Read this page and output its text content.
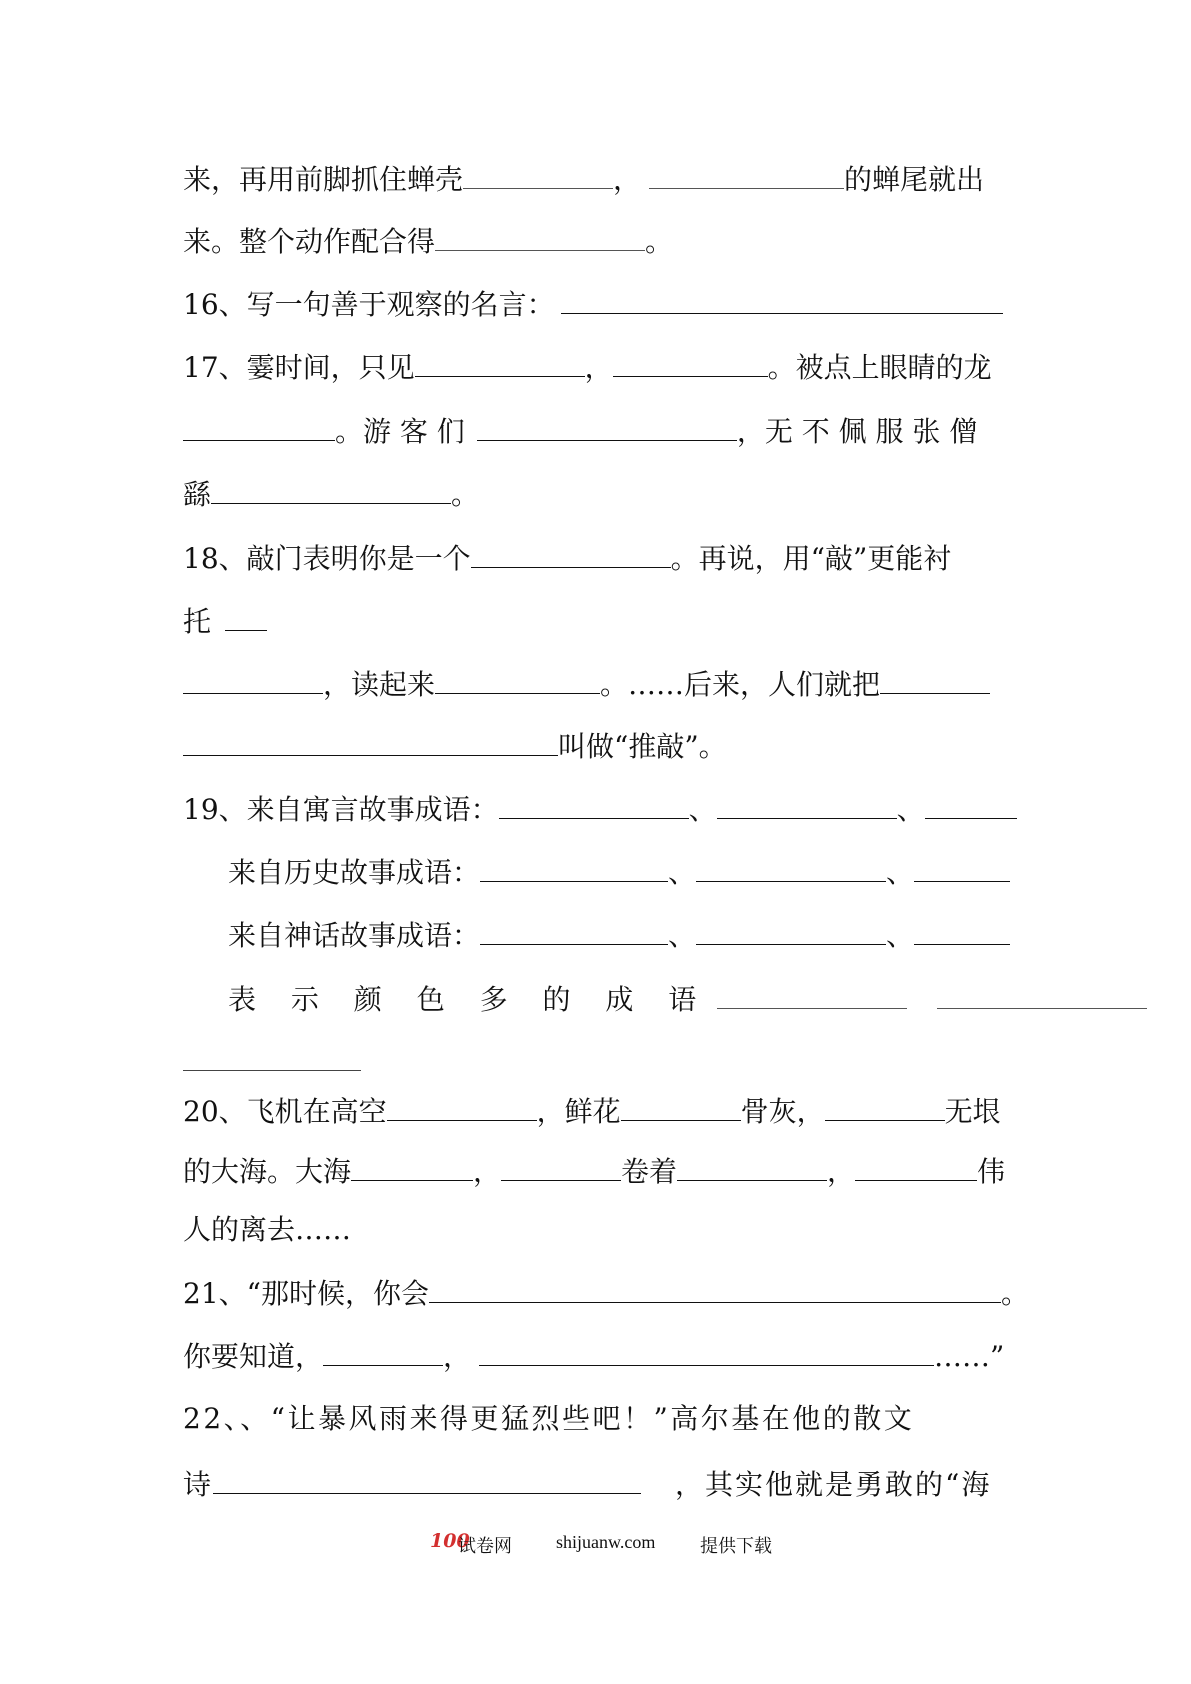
来，再用前脚抓住蝉壳	，	的蝉尾就出
来。整个动作配合得	。
16、写一句善于观察的名言：
17、霎时间，只见	，	。被点上眼睛的龙
。游 客 们	，无 不 佩 服 张 僧
繇	。
18、敲门表明你是一个	。再说，用“敲”更能衬
托
，读起来	。……后来，人们就把
叫做“推敲”。
19、来自寓言故事成语：	、	、
来自历史故事成语：	、	、
来自神话故事成语：	、	、
表 示 颜 色 多 的 成 语
20、飞机在高空	，鲜花	骨灰，	无垠
的大海。大海	，	卷着	，	伟
人的离去……
21、“那时候，你会	。
你要知道，	，	……”
22、、“让暴风雨来得更猛烈些吧！”高尔基在他的散文
诗	，其实他就是勇敢的“海
100
试卷网 shijuanw.com 提供下载
